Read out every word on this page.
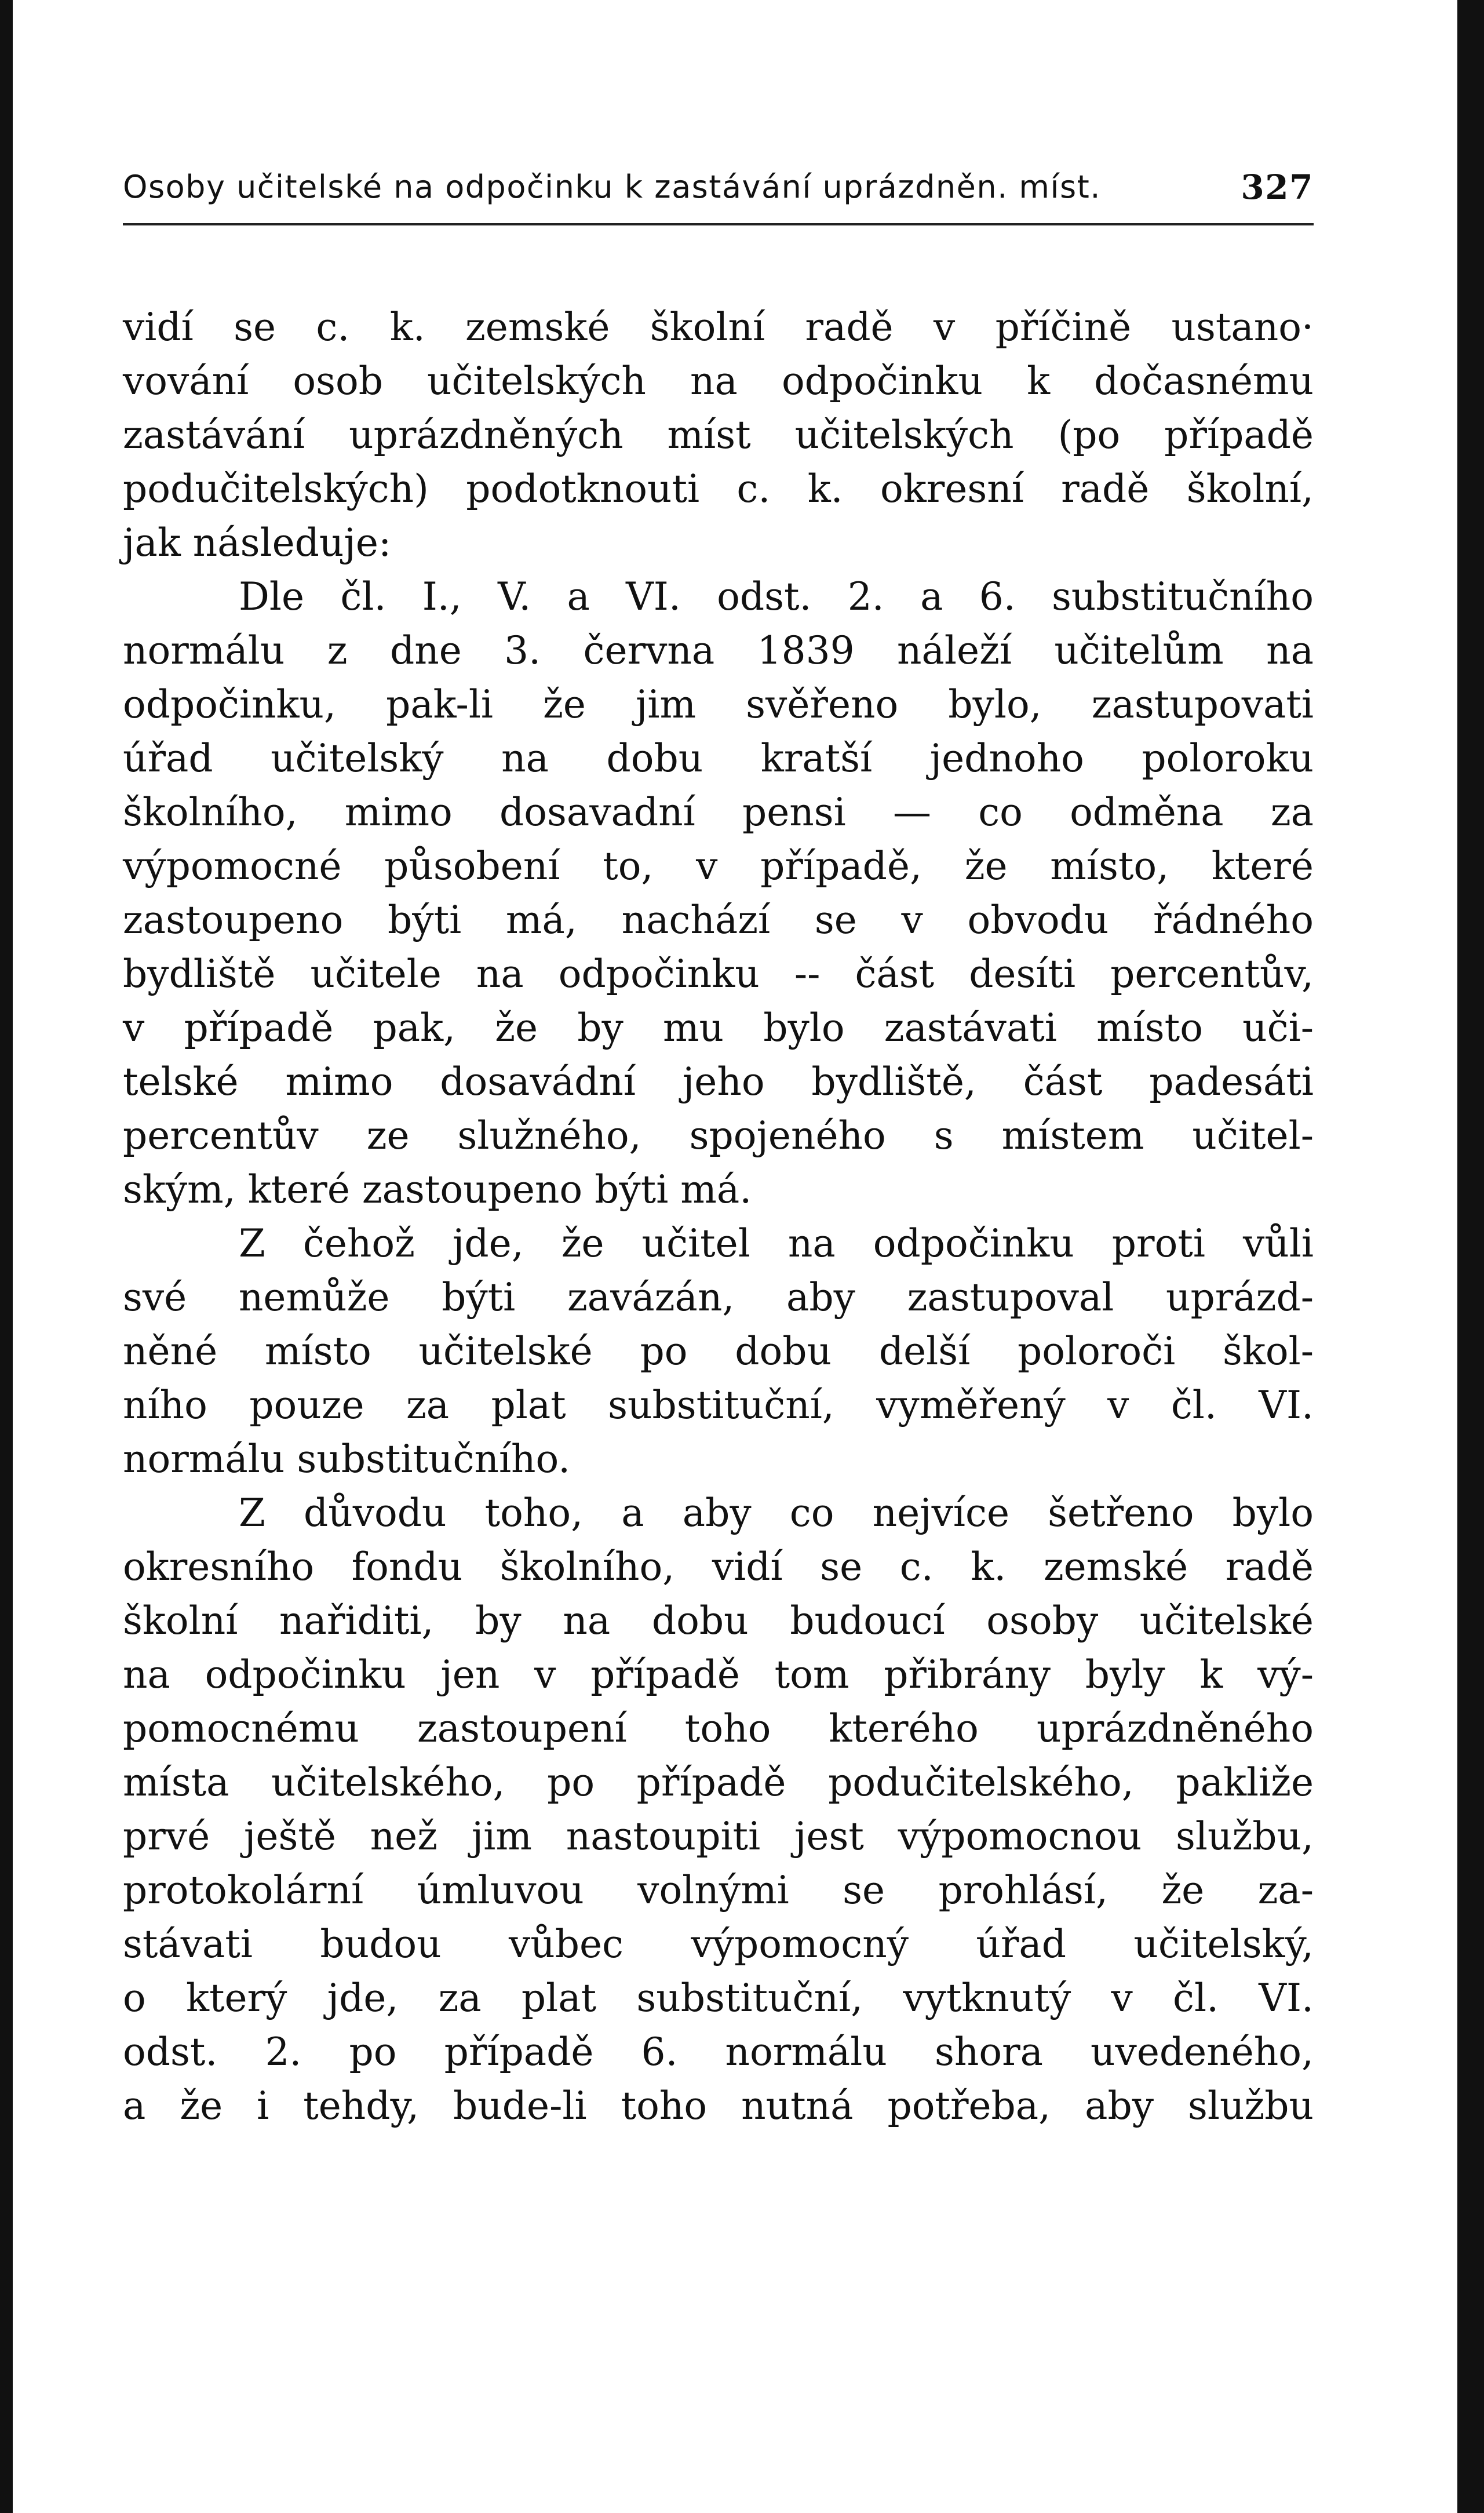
Osoby učitelské na odpočinku k zastávání uprázdněn. míst.	327

vidí se c. k. zemské školní radě v příčině ustano·
vování osob učitelských na odpočinku k dočasnému
zastávání uprázdněných míst učitelských (po případě
podučitelských) podotknouti c. k. okresní radě školní,
jak následuje:

Dle čl. I., V. a VI. odst. 2. a 6. substitučního
normálu z dne 3. června 1839 náleží učitelům na
odpočinku, pak-li že jim svěřeno bylo, zastupovati
úřad učitelský na dobu kratší jednoho poloroku
školního, mimo dosavadní pensi — co odměna za
výpomocné působení to, v případě, že místo, které
zastoupeno býti má, nachází se v obvodu řádného
bydliště učitele na odpočinku -- část desíti percentův,
v případě pak, že by mu bylo zastávati místo uči-
telské mimo dosavádní jeho bydliště, část padesáti
percentův ze služného, spojeného s místem učitel-
ským, které zastoupeno býti má.

Z čehož jde, že učitel na odpočinku proti vůli
své nemůže býti zavázán, aby zastupoval uprázd-
něné místo učitelské po dobu delší poloroči škol-
ního pouze za plat substituční, vyměřený v čl. VI.
normálu substitučního.

Z důvodu toho, a aby co nejvíce šetřeno bylo
okresního fondu školního, vidí se c. k. zemské radě
školní nařiditi, by na dobu budoucí osoby učitelské
na odpočinku jen v případě tom přibrány byly k vý-
pomocnému zastoupení toho kterého uprázdněného
místa učitelského, po případě podučitelského, pakliže
prvé ještě než jim nastoupiti jest výpomocnou službu,
protokolární úmluvou volnými se prohlásí, že za-
stávati budou vůbec výpomocný úřad učitelský,
o který jde, za plat substituční, vytknutý v čl. VI.
odst. 2. po případě 6. normálu shora uvedeného,
a že i tehdy, bude-li toho nutná potřeba, aby službu
